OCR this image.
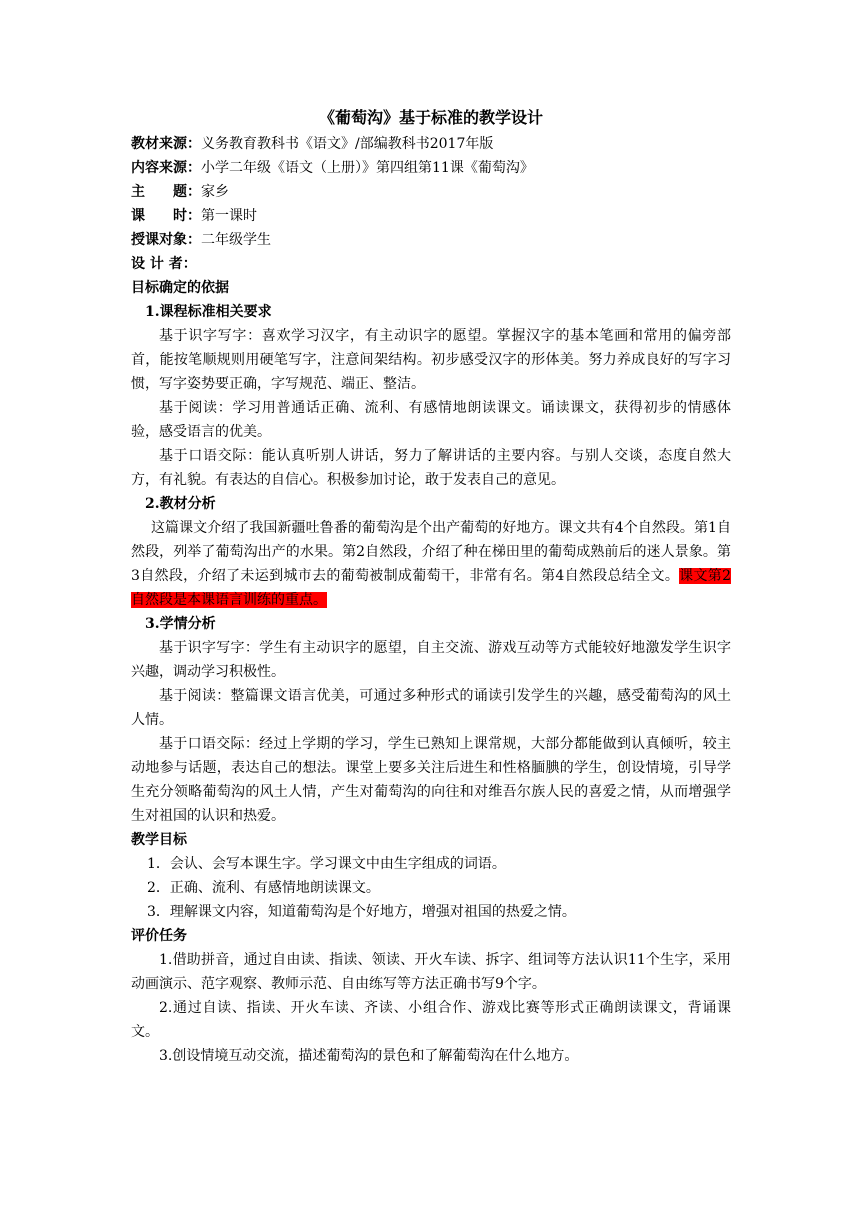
《葡萄沟》基于标准的教学设计
教材来源：义务教育教科书《语文》/部编教科书2017年版
内容来源：小学二年级《语文（上册）》第四组第11课《葡萄沟》
主　　题：家乡
课　　时：第一课时
授课对象：二年级学生
设 计 者：
目标确定的依据
1.课程标准相关要求

基于识字写字：喜欢学习汉字，有主动识字的愿望。掌握汉字的基本笔画和常用的偏旁部首，能按笔顺规则用硬笔写字，注意间架结构。初步感受汉字的形体美。努力养成良好的写字习惯，写字姿势要正确，字写规范、端正、整洁。

基于阅读：学习用普通话正确、流利、有感情地朗读课文。诵读课文，获得初步的情感体验，感受语言的优美。

基于口语交际：能认真听别人讲话，努力了解讲话的主要内容。与别人交谈，态度自然大方，有礼貌。有表达的自信心。积极参加讨论，敢于发表自己的意见。

2.教材分析

这篇课文介绍了我国新疆吐鲁番的葡萄沟是个出产葡萄的好地方。课文共有4个自然段。第1自然段，列举了葡萄沟出产的水果。第2自然段，介绍了种在梯田里的葡萄成熟前后的迷人景象。第3自然段，介绍了未运到城市去的葡萄被制成葡萄干，非常有名。第4自然段总结全文。课文第2自然段是本课语言训练的重点。

3.学情分析

基于识字写字：学生有主动识字的愿望，自主交流、游戏互动等方式能较好地激发学生识字兴趣，调动学习积极性。

基于阅读：整篇课文语言优美，可通过多种形式的诵读引发学生的兴趣，感受葡萄沟的风土人情。

基于口语交际：经过上学期的学习，学生已熟知上课常规，大部分都能做到认真倾听，较主动地参与话题，表达自己的想法。课堂上要多关注后进生和性格腼腆的学生，创设情境，引导学生充分领略葡萄沟的风土人情，产生对葡萄沟的向往和对维吾尔族人民的喜爱之情，从而增强学生对祖国的认识和热爱。

教学目标
1．会认、会写本课生字。学习课文中由生字组成的词语。
2．正确、流利、有感情地朗读课文。
3．理解课文内容，知道葡萄沟是个好地方，增强对祖国的热爱之情。
评价任务

1.借助拼音，通过自由读、指读、领读、开火车读、拆字、组词等方法认识11个生字，采用动画演示、范字观察、教师示范、自由练写等方法正确书写9个字。

2.通过自读、指读、开火车读、齐读、小组合作、游戏比赛等形式正确朗读课文，背诵课文。

3.创设情境互动交流，描述葡萄沟的景色和了解葡萄沟在什么地方。
